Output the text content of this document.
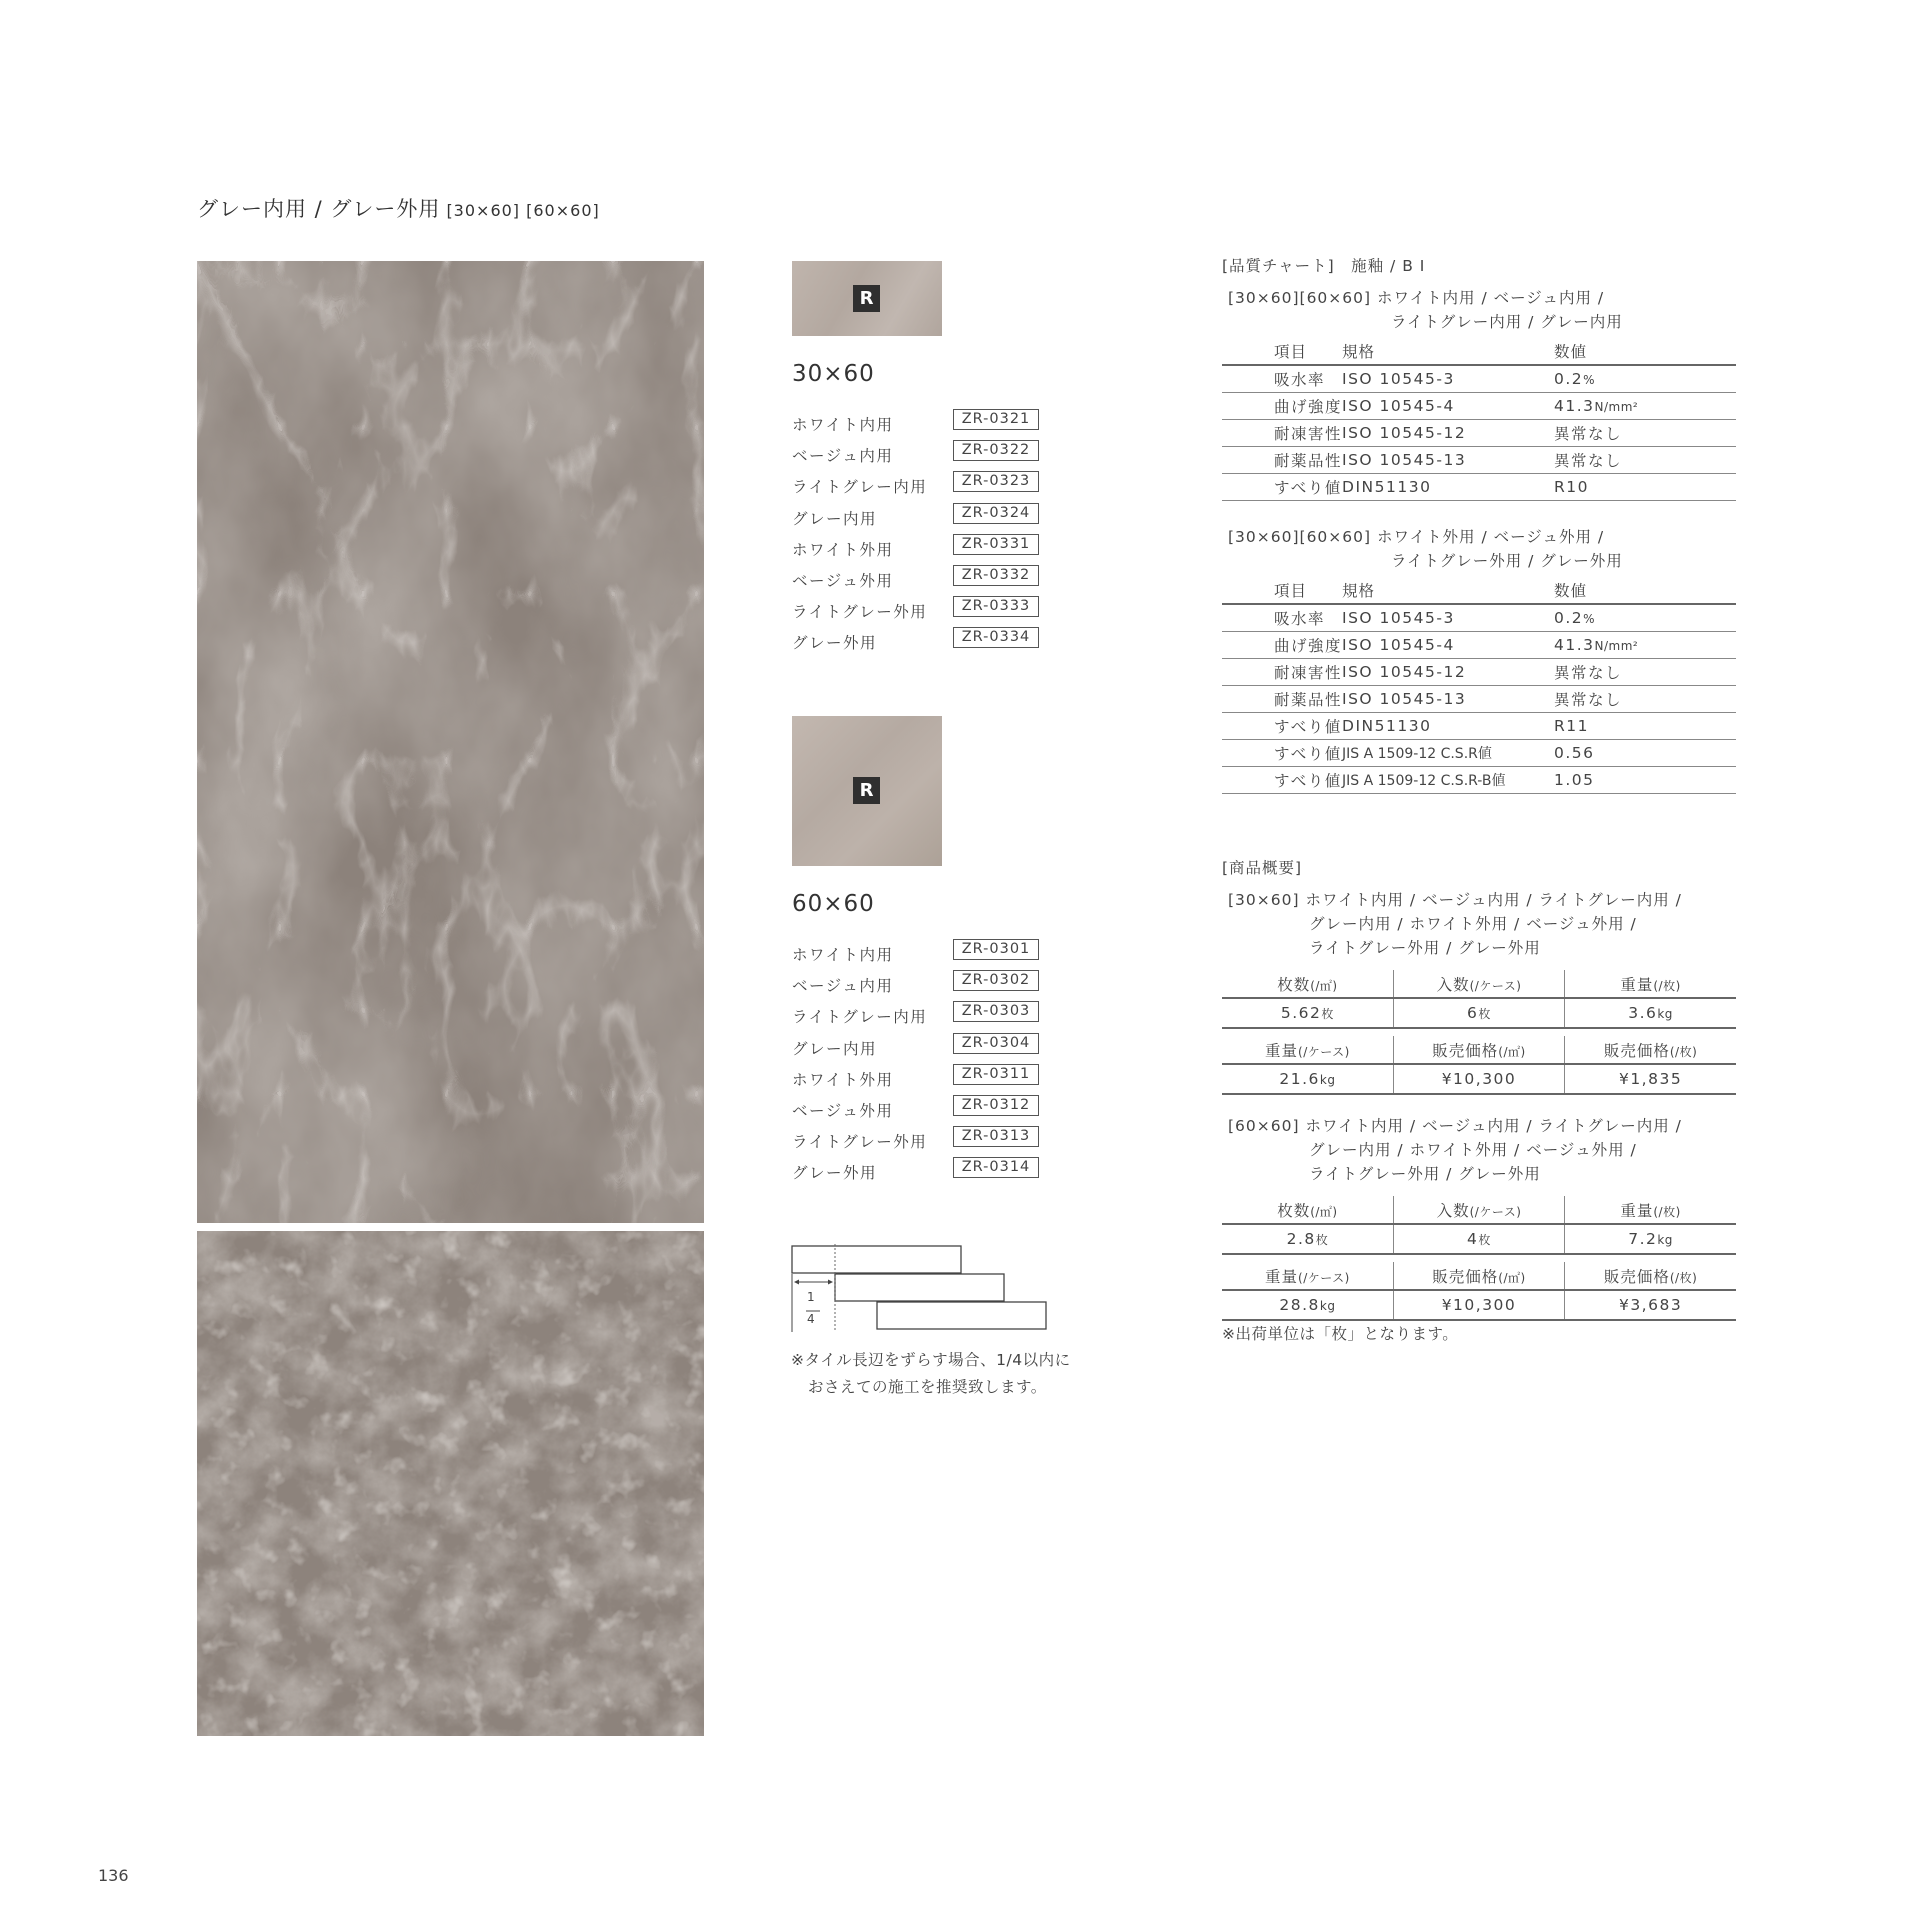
グレー内用 / グレー外用 [30×60] [60×60]
R
30×60
ホワイト内用	ZR-0321
ベージュ内用	ZR-0322
ライトグレー内用	ZR-0323
グレー内用	ZR-0324
ホワイト外用	ZR-0331
ベージュ外用	ZR-0332
ライトグレー外用	ZR-0333
グレー外用	ZR-0334
R
60×60
ホワイト内用	ZR-0301
ベージュ内用	ZR-0302
ライトグレー内用	ZR-0303
グレー内用	ZR-0304
ホワイト外用	ZR-0311
ベージュ外用	ZR-0312
ライトグレー外用	ZR-0313
グレー外用	ZR-0314
1
4
※タイル長辺をずらす場合、1/4以内に
おさえての施工を推奨致します。
[品質チャート]　施釉 / B I
[30×60][60×60] ホワイト内用 / ベージュ内用 /
ライトグレー内用 / グレー内用
項目	規格	数値
吸水率	ISO 10545-3	0.2%
曲げ強度	ISO 10545-4	41.3N/mm²
耐凍害性	ISO 10545-12	異常なし
耐薬品性	ISO 10545-13	異常なし
すべり値	DIN51130	R10
[30×60][60×60] ホワイト外用 / ベージュ外用 /
ライトグレー外用 / グレー外用
項目	規格	数値
吸水率	ISO 10545-3	0.2%
曲げ強度	ISO 10545-4	41.3N/mm²
耐凍害性	ISO 10545-12	異常なし
耐薬品性	ISO 10545-13	異常なし
すべり値	DIN51130	R11
すべり値	JIS A 1509-12 C.S.R値	0.56
すべり値	JIS A 1509-12 C.S.R-B値	1.05
[商品概要]
[30×60] ホワイト内用 / ベージュ内用 / ライトグレー内用 /
グレー内用 / ホワイト外用 / ベージュ外用 /
ライトグレー外用 / グレー外用
枚数(/㎡)	入数(/ケース)	重量(/枚)
5.62枚	6枚	3.6kg
重量(/ケース)	販売価格(/㎡)	販売価格(/枚)
21.6kg	¥10,300	¥1,835
[60×60] ホワイト内用 / ベージュ内用 / ライトグレー内用 /
グレー内用 / ホワイト外用 / ベージュ外用 /
ライトグレー外用 / グレー外用
枚数(/㎡)	入数(/ケース)	重量(/枚)
2.8枚	4枚	7.2kg
重量(/ケース)	販売価格(/㎡)	販売価格(/枚)
28.8kg	¥10,300	¥3,683
※出荷単位は「枚」となります。
136
